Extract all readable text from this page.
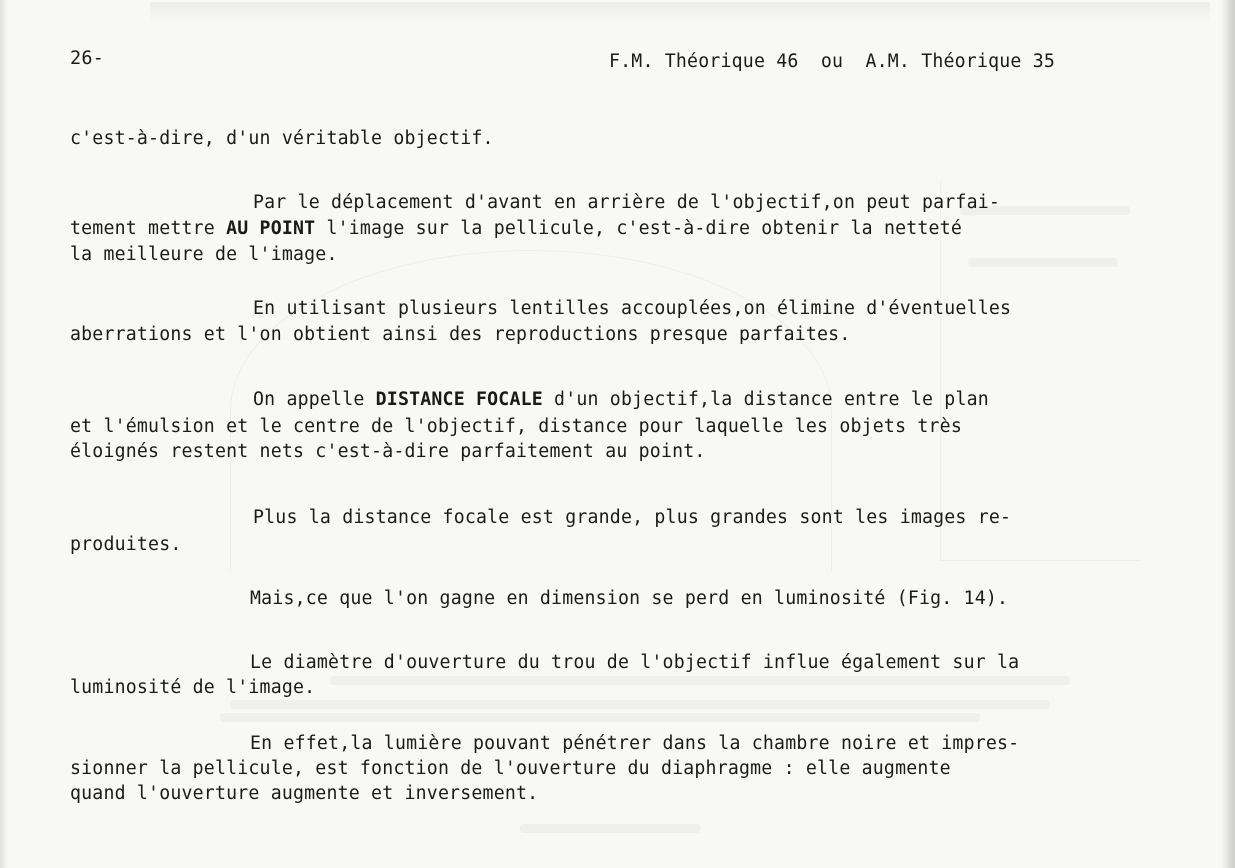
26-	F.M. Théorique 46  ou  A.M. Théorique 35
c'est-à-dire, d'un véritable objectif.
Par le déplacement d'avant en arrière de l'objectif,on peut parfai-
tement mettre AU POINT l'image sur la pellicule, c'est-à-dire obtenir la netteté
la meilleure de l'image.
En utilisant plusieurs lentilles accouplées,on élimine d'éventuelles
aberrations et l'on obtient ainsi des reproductions presque parfaites.
On appelle DISTANCE FOCALE d'un objectif,la distance entre le plan
et l'émulsion et le centre de l'objectif, distance pour laquelle les objets très
éloignés restent nets c'est-à-dire parfaitement au point.
Plus la distance focale est grande, plus grandes sont les images re-
produites.
Mais,ce que l'on gagne en dimension se perd en luminosité (Fig. 14).
Le diamètre d'ouverture du trou de l'objectif influe également sur la
luminosité de l'image.
En effet,la lumière pouvant pénétrer dans la chambre noire et impres-
sionner la pellicule, est fonction de l'ouverture du diaphragme : elle augmente
quand l'ouverture augmente et inversement.
